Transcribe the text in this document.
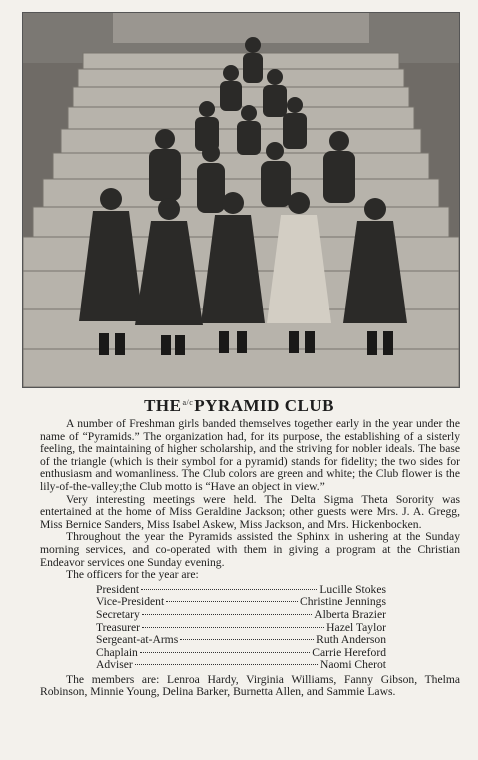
$THE^{a/c}PYRAMID$ CLUB

A number of Freshman girls banded themselves together early in the year under the name of “Pyramids.” The organization had, for its purpose, the establishing of a sisterly feeling, the maintaining of higher scholarship, and the striving for nobler ideals. The base of the triangle (which is their symbol for a pyramid) stands for fidelity; the two sides for enthusiasm and womanliness. The Club colors are green and white; the Club flower is the lily-of-the-valley;the Club motto is “Have an object in view.”

Very interesting meetings were held. The Delta Sigma Theta Sorority was entertained at the home of Miss Geraldine Jackson; other guests were Mrs. J. A. Gregg, Miss Bernice Sanders, Miss Isabel Askew, Miss Jackson, and Mrs. Hickenbocken.

Throughout the year the Pyramids assisted the Sphinx in ushering at the Sunday morning services, and co-operated with them in giving a program at the Christian Endeavor services one Sunday evening.

The officers for the year are:

President	Lucille Stokes
Vice-President	Christine Jennings
Secretary	Alberta Brazier
Treasurer	Hazel Taylor
Sergeant-at-Arms	Ruth Anderson
Chaplain	Carrie Hereford
Adviser	Naomi Cherot

The members are: Lenroa Hardy, Virginia Williams, Fanny Gibson, Thelma Robinson, Minnie Young, Delina Barker, Burnetta Allen, and Sammie Laws.
